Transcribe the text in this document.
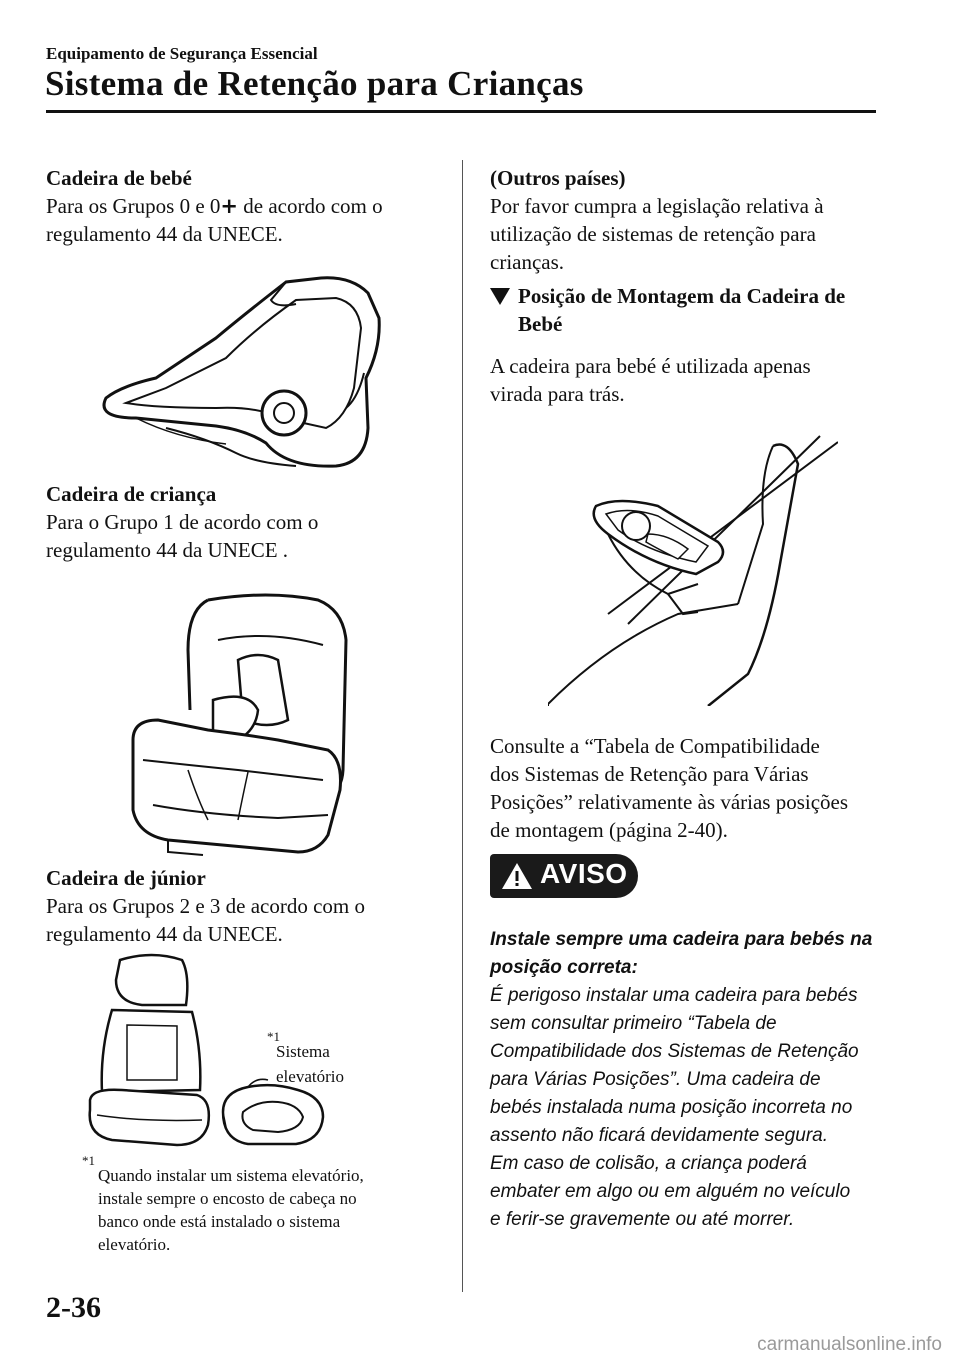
Equipamento de Segurança Essencial
Sistema de Retenção para Crianças

Cadeira de bebé

Para os Grupos 0 e 0+ de acordo com o

regulamento 44 da UNECE.

Cadeira de criança

Para o Grupo 1 de acordo com o

regulamento 44 da UNECE .

Cadeira de júnior

Para os Grupos 2 e 3 de acordo com o

regulamento 44 da UNECE.

*1
Sistema
elevatório
*1
Quando instalar um sistema elevatório,
instale sempre o encosto de cabeça no
banco onde está instalado o sistema
elevatório.

(Outros países)

Por favor cumpra a legislação relativa à

utilização de sistemas de retenção para

crianças.

Posição de Montagem da Cadeira de
Bebé

A cadeira para bebé é utilizada apenas

virada para trás.

Consulte a “Tabela de Compatibilidade

dos Sistemas de Retenção para Várias

Posições” relativamente às várias posições

de montagem (página 2-40).

AVISO

Instale sempre uma cadeira para bebés na

posição correta:

É perigoso instalar uma cadeira para bebés

sem consultar primeiro “Tabela de

Compatibilidade dos Sistemas de Retenção

para Várias Posições”. Uma cadeira de

bebés instalada numa posição incorreta no

assento não ficará devidamente segura.

Em caso de colisão, a criança poderá

embater em algo ou em alguém no veículo

e ferir-se gravemente ou até morrer.

2-36
carmanualsonline.info
